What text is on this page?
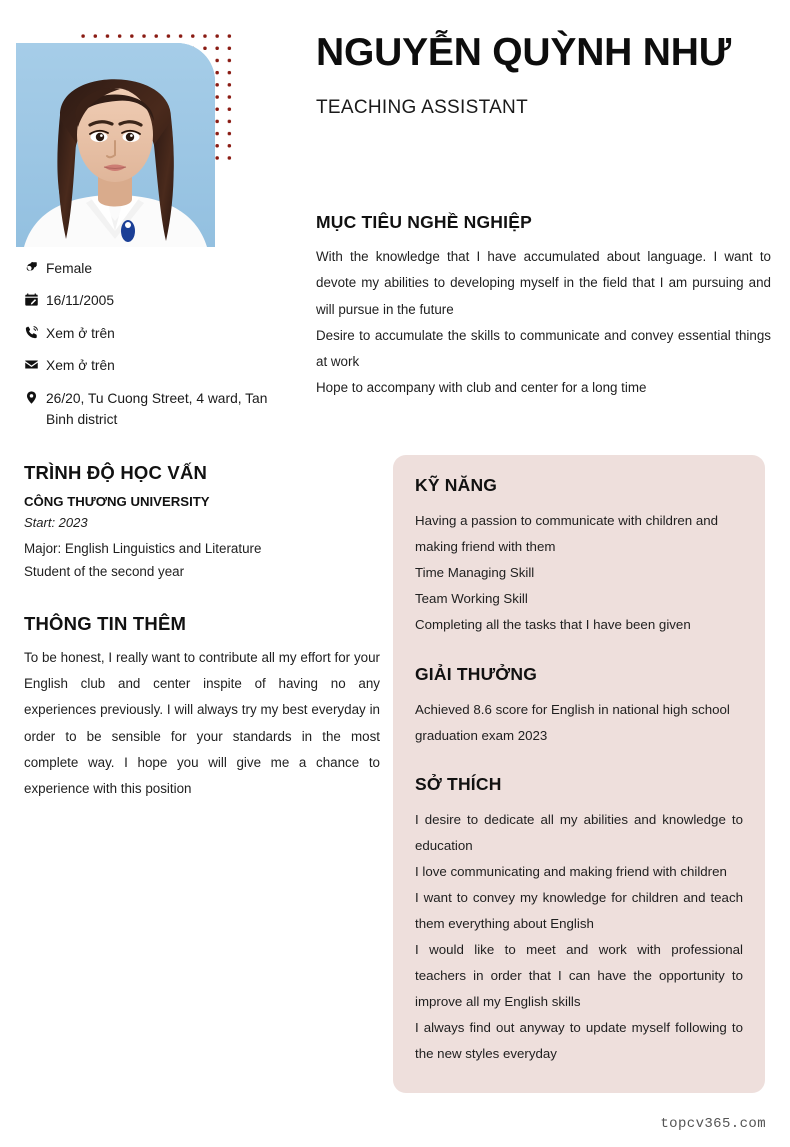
NGUYỄN QUỲNH NHƯ
TEACHING ASSISTANT
MỤC TIÊU NGHỀ NGHIỆP

With the knowledge that I have accumulated about language. I want to devote my abilities to developing myself in the field that I am pursuing and will pursue in the future

Desire to accumulate the skills to communicate and convey essential things at work

Hope to accompany with club and center for a long time

Female
16/11/2005
Xem ở trên
Xem ở trên
26/20, Tu Cuong Street, 4 ward, Tan Binh district
TRÌNH ĐỘ HỌC VẤN
CÔNG THƯƠNG UNIVERSITY
Start: 2023

Major: English Linguistics and Literature

Student of the second year

THÔNG TIN THÊM

To be honest, I really want to contribute all my effort for your English club and center inspite of having no any experiences previously. I will always try my best everyday in order to be sensible for your standards in the most complete way. I hope you will give me a chance to experience with this position

KỸ NĂNG

Having a passion to communicate with children and making friend with them

Time Managing Skill

Team Working Skill

Completing all the tasks that I have been given

GIẢI THƯỞNG

Achieved 8.6 score for English in national high school graduation exam 2023

SỞ THÍCH

I desire to dedicate all my abilities and knowledge to education

I love communicating and making friend with children

I want to convey my knowledge for children and teach them everything about English

I would like to meet and work with professional teachers in order that I can have the opportunity to improve all my English skills

I always find out anyway to update myself following to the new styles everyday

topcv365.com
